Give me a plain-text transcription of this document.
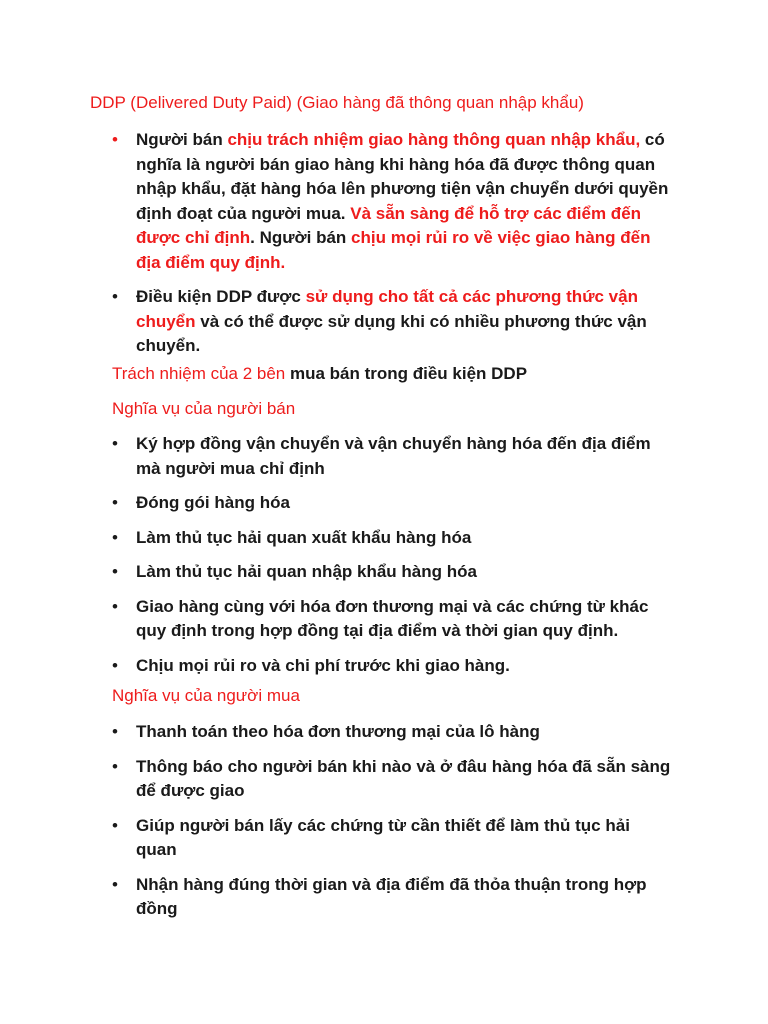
DDP (Delivered Duty Paid) (Giao hàng đã thông quan nhập khẩu)

• Người bán chịu trách nhiệm giao hàng thông quan nhập khẩu, có nghĩa là người bán giao hàng khi hàng hóa đã được thông quan nhập khẩu, đặt hàng hóa lên phương tiện vận chuyển dưới quyền định đoạt của người mua. Và sẵn sàng để hỗ trợ các điểm đến được chỉ định. Người bán chịu mọi rủi ro về việc giao hàng đến địa điểm quy định.
• Điều kiện DDP được sử dụng cho tất cả các phương thức vận chuyển và có thể được sử dụng khi có nhiều phương thức vận chuyển.

Trách nhiệm của 2 bên mua bán trong điều kiện DDP

Nghĩa vụ của người bán

• Ký hợp đồng vận chuyển và vận chuyển hàng hóa đến địa điểm mà người mua chỉ định
• Đóng gói hàng hóa
• Làm thủ tục hải quan xuất khẩu hàng hóa
• Làm thủ tục hải quan nhập khẩu hàng hóa
• Giao hàng cùng với hóa đơn thương mại và các chứng từ khác quy định trong hợp đồng tại địa điểm và thời gian quy định.
• Chịu mọi rủi ro và chi phí trước khi giao hàng.

Nghĩa vụ của người mua

• Thanh toán theo hóa đơn thương mại của lô hàng
• Thông báo cho người bán khi nào và ở đâu hàng hóa đã sẵn sàng để được giao
• Giúp người bán lấy các chứng từ cần thiết để làm thủ tục hải quan
• Nhận hàng đúng thời gian và địa điểm đã thỏa thuận trong hợp đồng
